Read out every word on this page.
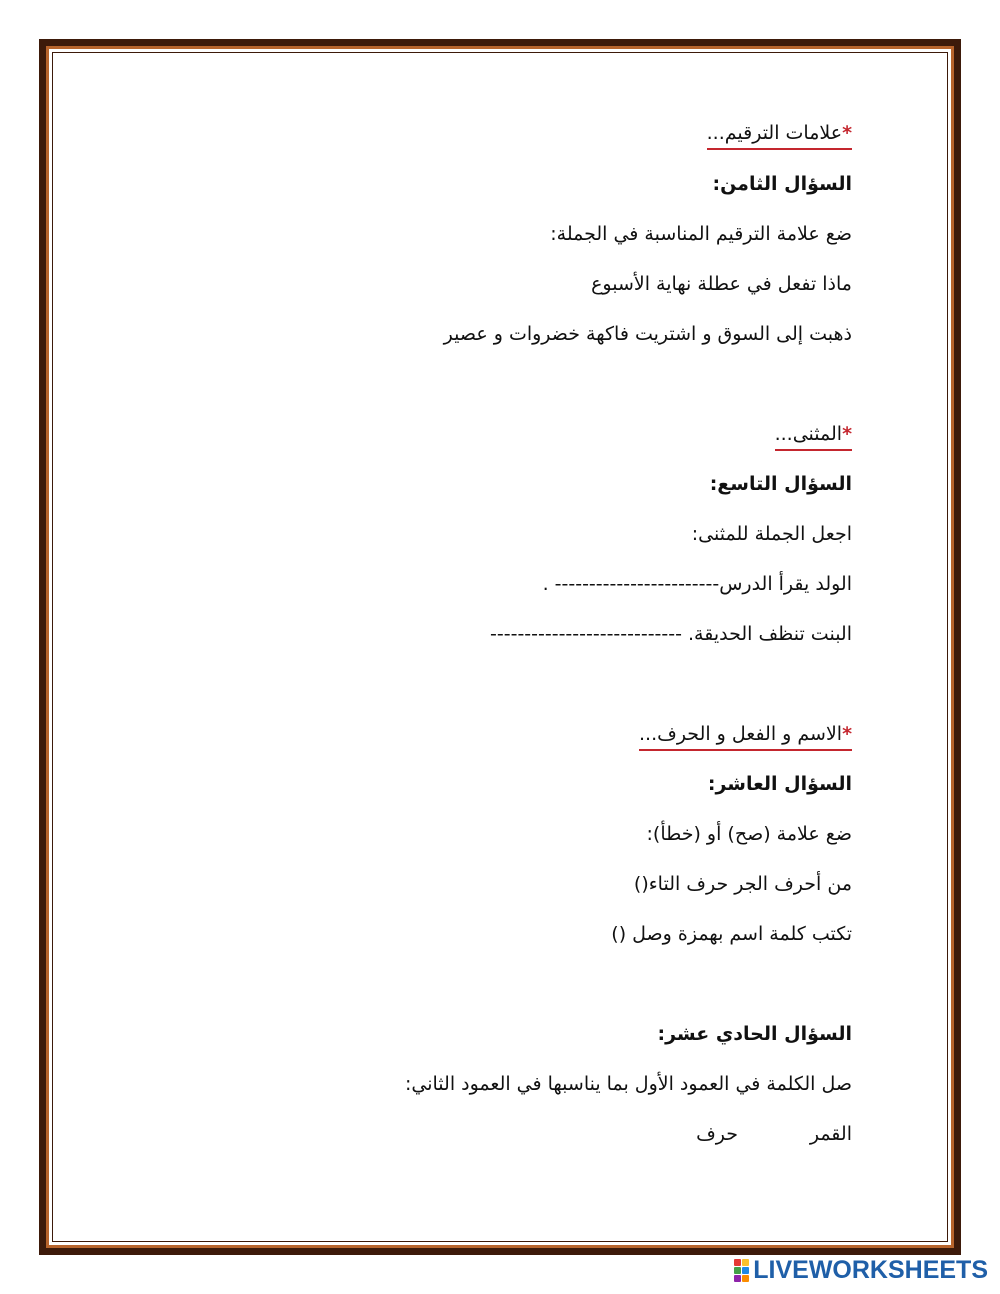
*علامات الترقيم...
السؤال الثامن:
ضع علامة الترقيم المناسبة في الجملة:
ماذا تفعل في عطلة نهاية الأسبوع
ذهبت إلى السوق و اشتريت فاكهة خضروات و عصير
*المثنى...
السؤال التاسع:
اجعل الجملة للمثنى:
الولد يقرأ الدرس------------------------ .
البنت تنظف الحديقة. ----------------------------
*الاسم و الفعل و الحرف...
السؤال العاشر:
ضع علامة (صح) أو (خطأ):
من أحرف الجر حرف التاء()
تكتب كلمة اسم بهمزة وصل ()
السؤال الحادي عشر:
صل الكلمة في العمود الأول بما يناسبها في العمود الثاني:
القمر
حرف
LIVEWORKSHEETS
